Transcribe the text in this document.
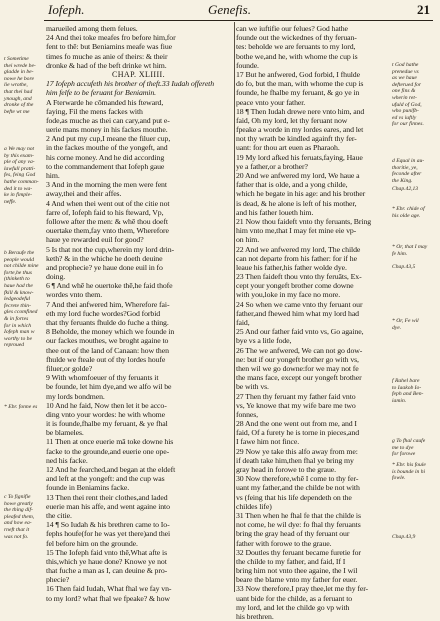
Iofeph.	Genefis.	21
marueiled among them felues.
24 And thei toke meafes fro before him,for
fent to thē: but Beniamins meafe was fiue
times fo muche as anie of theirs: & their
dronke & had of the beft drinke wt him.
CHAP. XLIIII.
17 Iofeph accufeth his brother of theft.33 Iudah offereth
him felfe to be feruant for Beniamin.
A Fterwarde he cōmanded his fteward,
faying, Fil the mens fackes with
fode,as muche as thei can cary,and put e-
uerie mans money in his fackes mouthe.
2 And put my cup,I meane the filuer cup,
in the fackes mouthe of the yongeft, and
his corne money. And he did according
to the commandement that Iofeph gaue
him.
3 And in the morning the men were fent
away,thei and their affes.
4 And when thei went out of the citie not
farre of, Iofeph faid to his fteward, Vp,
followe after the men: & whē thou doeft
ouertake them,fay vnto them, Wherefore
haue ye rewarded euil for good?
5 Is that not the cup,wherein my lord drin-
keth? & in the whiche he doeth deuine
and prophecie? ye haue done euil in fo
doing.
6 ¶ And whē he ouertoke thē,he faid thofe
wordes vnto them.
7 And thei anfwered him, Wherefore fai-
eth my lord fuche wordes?God forbid
that thy feruants fhulde do fuche a thing.
8 Beholde, the money which we founde in
our fackes mouthes, we broght againe to
thee out of the land of Canaan: how then
fhulde we fteale out of thy lordes houfe
filuer,or golde?
9 With whomfoeuer of thy feruants it
be founde, let him dye,and we alfo wil be
my lords bondmen.
10 And he faid, Now then let it be acco-
ding vnto your wordes: he with whome
it is founde,fhalbe my feruant, & ye fhal
be blameles.
11 Then at once euerie mā toke downe his
facke to the grounde,and euerie one ope-
ned his facke.
12 And he fearched,and began at the eldeft
and left at the yongeft: and the cup was
founde in Beniamins facke.
13 Then thei rent their clothes,and laded
euerie man his affe, and went againe into
the citie.
14 ¶ So Iudah & his brethren came to Io-
fephs houfe(for he was yet there)and thei
fel before him on the grounde.
15 The Iofeph faid vnto thē,What afte is
this,which ye haue done? Knowe ye not
that fuche a man as I, can deuine & pro-
phecie?
16 Then faid Iudah, What fhal we fay vn-
to my lord? what fhal we fpeake? & how
can we iuftifie our felues? God hathe
founde out the wickednes of thy feruan-
tes: beholde we are feruants to my lord,
bothe we,and he, with whome the cup is
founde.
17 But he anfwered, God forbid, I fhulde
do fo, but the man, with whome the cup is
founde, he fhalbe my feruant, & go ye in
peace vnto your father.
18 ¶ Then Iudah drewe nere vnto him, and
faid, Oh my lord, let thy feruant now
fpeake a worde in my lordes eares, and let
not thy wrath be kindled againft thy fer-
uant: for thou art euen as Pharaoh.
19 My lord afked his feruats,faying, Haue
ye a father,or a brother?
20 And we anfwered my lord, We haue a
father that is olde, and a yong childe,
which he begate in his age: and his brother
is dead, & he alone is left of his mother,
and his father loueth him.
21 Now thou faideft vnto thy feruants, Bring
him vnto me,that I may fet mine eie vp-
on him.
22 And we anfwered my lord, The childe
can not departe from his father: for if he
leaue his father,his father wolde dye.
23 Then faideft thou vnto thy feruāts, Ex-
cept your yongeft brother come downe
with you,loke in my face no more.
24 So when we came vnto thy feruant our
father,and fhewed him what my lord had
faid,
25 And our father faid vnto vs, Go againe,
bye vs a litle fode,
26 The we anfwered, We can not go dow-
ne: but if our yongeft brother go with vs,
then wil we go downe:for we may not fe
the mans face, except our yongeft brother
be with vs.
27 Then thy feruant my father faid vnto
vs, Ye knowe that my wife bare me two
fonnes,
28 And the one went out from me, and I
faid, Of a furety he is torne in pieces,and
I fawe him not fince.
29 Now ye take this alfo away from me:
if death take him,then fhal ye bring my
gray head in forowe to the graue.
30 Now therefore,whē I come to thy fer-
uant my father,and the childe be not with
vs (feing that his life dependeth on the
childes life)
31 Then when he fhal fe that the childe is
not come, he wil dye: fo fhal thy feruants
bring the gray head of thy feruant our
father with forowe to the graue.
32 Doutles thy feruant became furetie for
the childe to my father, and faid, If I
bring him not vnto thee againe, the I wil
beare the blame vnto my father for euer.
33 Now therefore,I pray thee,let me thy fer-
uant bide for the childe, as a feruant to
my lord, and let the childe go vp with
his brethren.
t Sometime
thei wrede be-
gladde in be-
nowe he bore
lie wrothe,
that thei had
ynough, and
dronke of the
befte wt me
a We may not
by this exam-
ple of any va-
lawfull pratti-
fes, feing God
hathe comman-
ded it to wa-
ke in fimple-
neffe.
b Beraufe the
people would
not childe mine
forte,he thus
(thinketh to
haue had the
fkill & know-
ledgeodeful
fecrete thin-
gles ccomfined
& in fortes
for in which
Iofeph man w
worthy to be
reproued
* Ebr. fonne es
c To fignifie
howe greatly
the thing dif-
pleafed them,
and how ea-
rneft that it
was not fo.
t God hathe
prenedue vs
as we haue
defterued for
one fins &
wherin ret-
ufuld of God,
who punifb-
ed vs iuftly
for our finnes.
d Equal in au-
thoritie, ye,
feconde after
the King.
Chap.42,13
* Ebr. chide of
his olde age.
* Or, that I may
fe him.
Chap.43,5
* Or, Fe wil
dye.
f Rahel bare
to Iaakob Io-
feph and Ben-
iamin.
g To fhal caufe
me to dye
for forowe
* Ebr. his foule
is bounde in hi
fowle.
Chap.43,9
